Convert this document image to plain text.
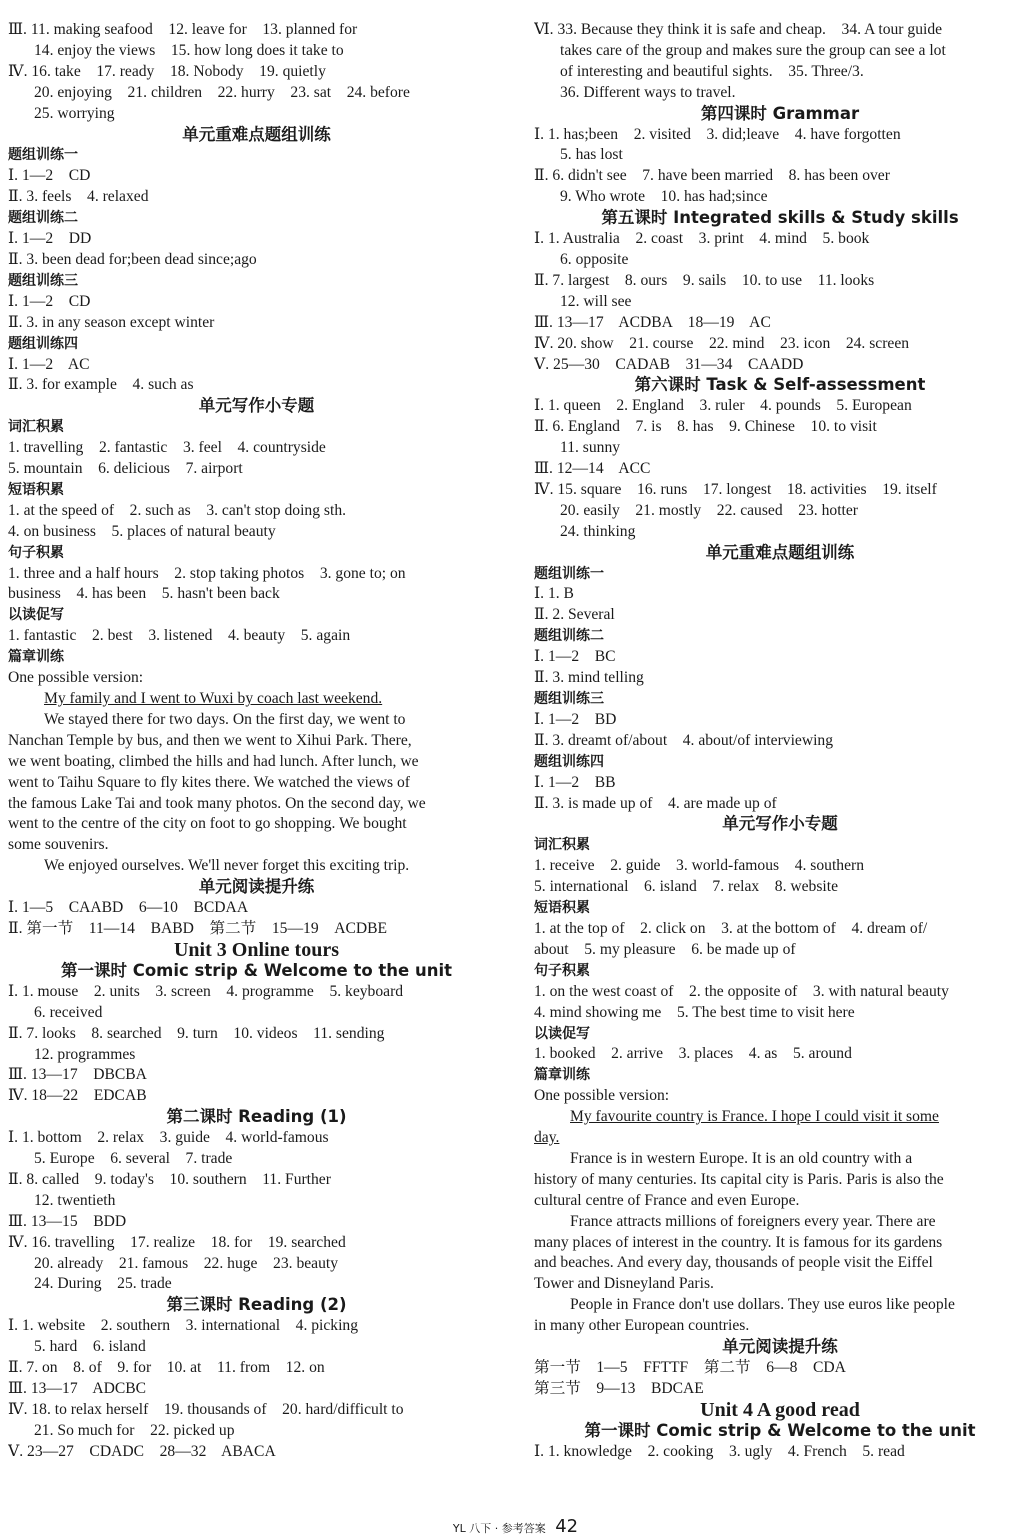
Ⅲ. 11. making seafood    12. leave for    13. planned for
14. enjoy the views    15. how long does it take to
Ⅳ. 16. take    17. ready    18. Nobody    19. quietly
20. enjoying    21. children    22. hurry    23. sat    24. before
25. worrying
单元重难点题组训练
题组训练一
Ⅰ. 1—2    CD
Ⅱ. 3. feels    4. relaxed
题组训练二
Ⅰ. 1—2    DD
Ⅱ. 3. been dead for;been dead since;ago
题组训练三
Ⅰ. 1—2    CD
Ⅱ. 3. in any season except winter
题组训练四
Ⅰ. 1—2    AC
Ⅱ. 3. for example    4. such as
单元写作小专题
词汇积累
1. travelling    2. fantastic    3. feel    4. countryside
5. mountain    6. delicious    7. airport
短语积累
1. at the speed of    2. such as    3. can't stop doing sth.
4. on business    5. places of natural beauty
句子积累
1. three and a half hours    2. stop taking photos    3. gone to; on
business    4. has been    5. hasn't been back
以读促写
1. fantastic    2. best    3. listened    4. beauty    5. again
篇章训练
One possible version:
My family and I went to Wuxi by coach last weekend.
We stayed there for two days. On the first day, we went to
Nanchan Temple by bus, and then we went to Xihui Park. There,
we went boating, climbed the hills and had lunch. After lunch, we
went to Taihu Square to fly kites there. We watched the views of
the famous Lake Tai and took many photos. On the second day, we
went to the centre of the city on foot to go shopping. We bought
some souvenirs.
We enjoyed ourselves. We'll never forget this exciting trip.
单元阅读提升练
Ⅰ. 1—5    CAABD    6—10    BCDAA
Ⅱ. 第一节    11—14    BABD    第二节    15—19    ACDBE
Unit 3 Online tours
第一课时 Comic strip & Welcome to the unit
Ⅰ. 1. mouse    2. units    3. screen    4. programme    5. keyboard
6. received
Ⅱ. 7. looks    8. searched    9. turn    10. videos    11. sending
12. programmes
Ⅲ. 13—17    DBCBA
Ⅳ. 18—22    EDCAB
第二课时 Reading (1)
Ⅰ. 1. bottom    2. relax    3. guide    4. world-famous
5. Europe    6. several    7. trade
Ⅱ. 8. called    9. today's    10. southern    11. Further
12. twentieth
Ⅲ. 13—15    BDD
Ⅳ. 16. travelling    17. realize    18. for    19. searched
20. already    21. famous    22. huge    23. beauty
24. During    25. trade
第三课时 Reading (2)
Ⅰ. 1. website    2. southern    3. international    4. picking
5. hard    6. island
Ⅱ. 7. on    8. of    9. for    10. at    11. from    12. on
Ⅲ. 13—17    ADCBC
Ⅳ. 18. to relax herself    19. thousands of    20. hard/difficult to
21. So much for    22. picked up
Ⅴ. 23—27    CDADC    28—32    ABACA
Ⅵ. 33. Because they think it is safe and cheap.    34. A tour guide
takes care of the group and makes sure the group can see a lot
of interesting and beautiful sights.    35. Three/3.
36. Different ways to travel.
第四课时 Grammar
Ⅰ. 1. has;been    2. visited    3. did;leave    4. have forgotten
5. has lost
Ⅱ. 6. didn't see    7. have been married    8. has been over
9. Who wrote    10. has had;since
第五课时 Integrated skills & Study skills
Ⅰ. 1. Australia    2. coast    3. print    4. mind    5. book
6. opposite
Ⅱ. 7. largest    8. ours    9. sails    10. to use    11. looks
12. will see
Ⅲ. 13—17    ACDBA    18—19    AC
Ⅳ. 20. show    21. course    22. mind    23. icon    24. screen
Ⅴ. 25—30    CADAB    31—34    CAADD
第六课时 Task & Self-assessment
Ⅰ. 1. queen    2. England    3. ruler    4. pounds    5. European
Ⅱ. 6. England    7. is    8. has    9. Chinese    10. to visit
11. sunny
Ⅲ. 12—14    ACC
Ⅳ. 15. square    16. runs    17. longest    18. activities    19. itself
20. easily    21. mostly    22. caused    23. hotter
24. thinking
单元重难点题组训练
题组训练一
Ⅰ. 1. B
Ⅱ. 2. Several
题组训练二
Ⅰ. 1—2    BC
Ⅱ. 3. mind telling
题组训练三
Ⅰ. 1—2    BD
Ⅱ. 3. dreamt of/about    4. about/of interviewing
题组训练四
Ⅰ. 1—2    BB
Ⅱ. 3. is made up of    4. are made up of
单元写作小专题
词汇积累
1. receive    2. guide    3. world-famous    4. southern
5. international    6. island    7. relax    8. website
短语积累
1. at the top of    2. click on    3. at the bottom of    4. dream of/
about    5. my pleasure    6. be made up of
句子积累
1. on the west coast of    2. the opposite of    3. with natural beauty
4. mind showing me    5. The best time to visit here
以读促写
1. booked    2. arrive    3. places    4. as    5. around
篇章训练
One possible version:
My favourite country is France. I hope I could visit it some
day.
France is in western Europe. It is an old country with a
history of many centuries. Its capital city is Paris. Paris is also the
cultural centre of France and even Europe.
France attracts millions of foreigners every year. There are
many places of interest in the country. It is famous for its gardens
and beaches. And every day, thousands of people visit the Eiffel
Tower and Disneyland Paris.
People in France don't use dollars. They use euros like people
in many other European countries.
单元阅读提升练
第一节    1—5    FFTTF    第二节    6—8    CDA
第三节    9—13    BDCAE
Unit 4 A good read
第一课时 Comic strip & Welcome to the unit
Ⅰ. 1. knowledge    2. cooking    3. ugly    4. French    5. read
YL 八下 · 参考答案 42
